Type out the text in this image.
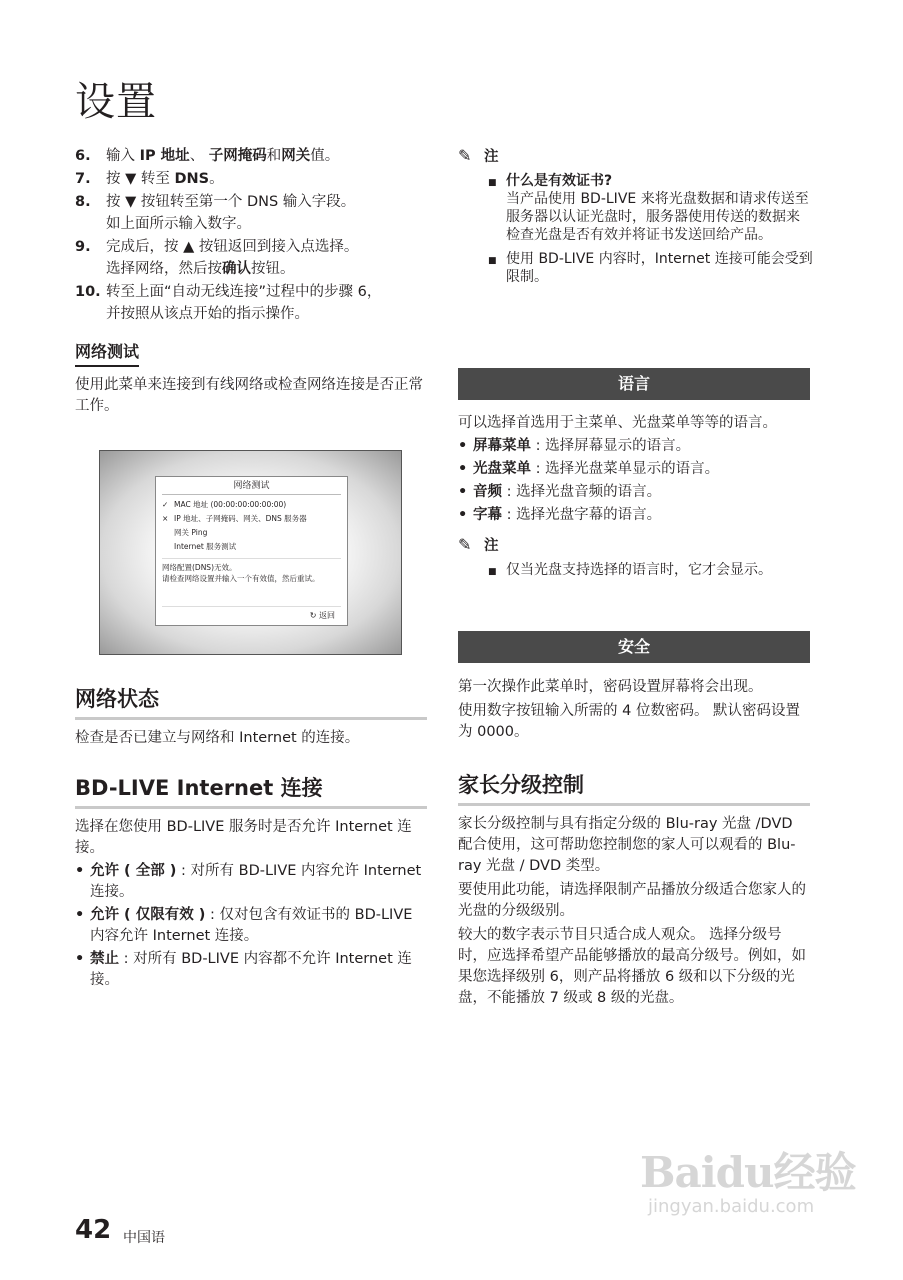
设置
6.	输入 IP 地址、 子网掩码和网关值。
7.	按 ▼ 转至 DNS。
8.	按 ▼ 按钮转至第一个 DNS 输入字段。
如上面所示输入数字。
9.	完成后，按 ▲ 按钮返回到接入点选择。
选择网络，然后按确认按钮。
10. 转至上面“自动无线连接”过程中的步骤 6，
并按照从该点开始的指示操作。
网络测试
使用此菜单来连接到有线网络或检查网络连接是否正常工作。
网络测试
✓ MAC 地址 (00:00:00:00:00:00)
× IP 地址、子网掩码、网关、DNS 服务器
网关 Ping
Internet 服务测试
网络配置(DNS)无效。
请检查网络设置并输入一个有效值，然后重试。
↻ 返回
网络状态
检查是否已建立与网络和 Internet 的连接。
BD-LIVE Internet 连接
选择在您使用 BD-LIVE 服务时是否允许 Internet 连接。
• 允许 ( 全部 ) : 对所有 BD-LIVE 内容允许 Internet 连接。
• 允许 ( 仅限有效 ) : 仅对包含有效证书的 BD-LIVE 内容允许 Internet 连接。
• 禁止 : 对所有 BD-LIVE 内容都不允许 Internet 连接。
✎ 注
■ 什么是有效证书?
当产品使用 BD-LIVE 来将光盘数据和请求传送至服务器以认证光盘时，服务器使用传送的数据来检查光盘是否有效并将证书发送回给产品。
■ 使用 BD-LIVE 内容时，Internet 连接可能会受到限制。
语言
可以选择首选用于主菜单、光盘菜单等等的语言。
• 屏幕菜单 : 选择屏幕显示的语言。
• 光盘菜单 : 选择光盘菜单显示的语言。
• 音频 : 选择光盘音频的语言。
• 字幕 : 选择光盘字幕的语言。
✎ 注
■ 仅当光盘支持选择的语言时，它才会显示。
安全
第一次操作此菜单时，密码设置屏幕将会出现。
使用数字按钮输入所需的 4 位数密码。 默认密码设置为 0000。
家长分级控制
家长分级控制与具有指定分级的 Blu-ray 光盘 /DVD 配合使用，这可帮助您控制您的家人可以观看的 Blu-ray 光盘 / DVD 类型。
要使用此功能，请选择限制产品播放分级适合您家人的光盘的分级级别。
较大的数字表示节目只适合成人观众。 选择分级号时，应选择希望产品能够播放的最高分级号。例如，如果您选择级别 6，则产品将播放 6 级和以下分级的光盘，不能播放 7 级或 8 级的光盘。
42 中国语
Baidu经验
jingyan.baidu.com
